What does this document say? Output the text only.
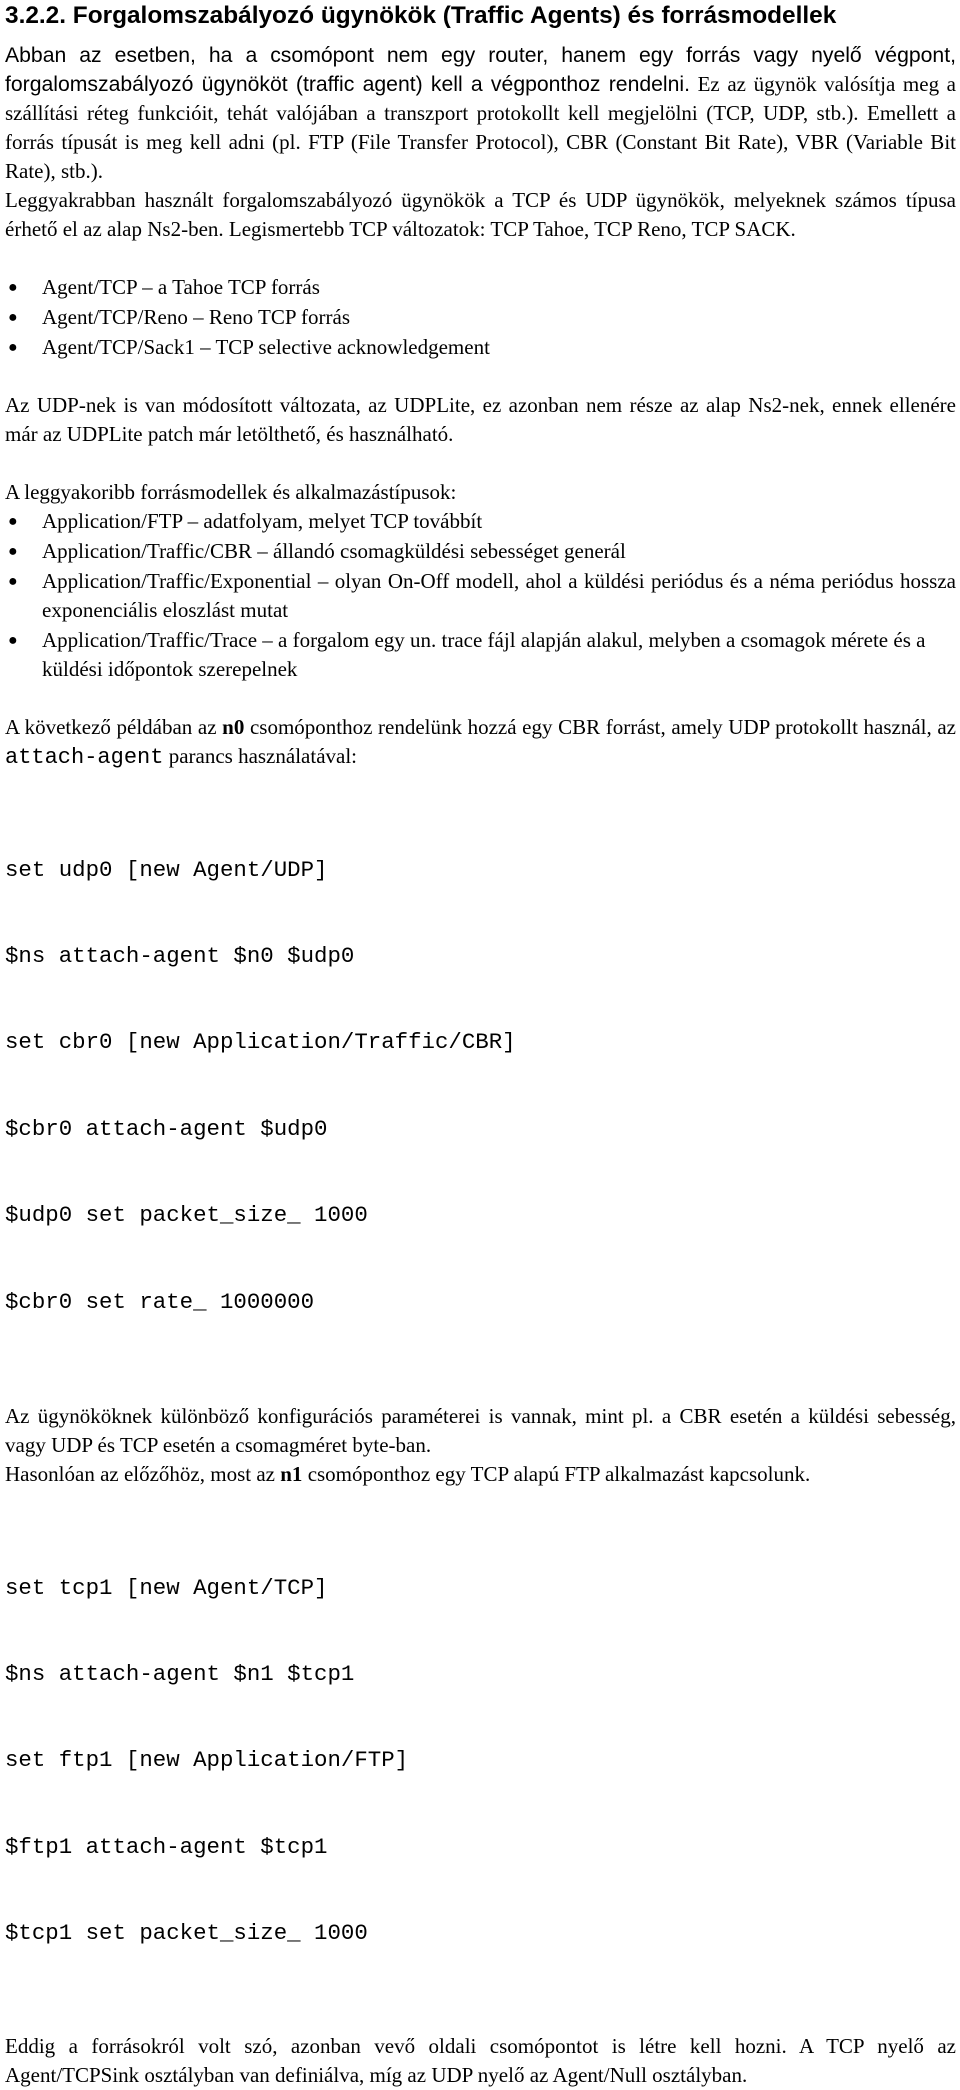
3.2.2. Forgalomszabályozó ügynökök (Traffic Agents) és forrásmodellek
Abban az esetben, ha a csomópont nem egy router, hanem egy forrás vagy nyelő végpont,
forgalomszabályozó ügynököt (traffic agent) kell a végponthoz rendelni. Ez az ügynök valósítja meg a szállítási réteg funkcióit, tehát valójában a transzport protokollt kell megjelölni (TCP, UDP, stb.). Emellett a forrás típusát is meg kell adni (pl. FTP (File Transfer Protocol), CBR (Constant Bit Rate), VBR (Variable Bit Rate), stb.).

Leggyakrabban használt forgalomszabályozó ügynökök a TCP és UDP ügynökök, melyeknek számos típusa érhető el az alap Ns2-ben. Legismertebb TCP változatok: TCP Tahoe, TCP Reno, TCP SACK.

● Agent/TCP – a Tahoe TCP forrás
● Agent/TCP/Reno – Reno TCP forrás
● Agent/TCP/Sack1 – TCP selective acknowledgement

Az UDP-nek is van módosított változata, az UDPLite, ez azonban nem része az alap Ns2-nek, ennek ellenére már az UDPLite patch már letölthető, és használható.

A leggyakoribb forrásmodellek és alkalmazástípusok:

● Application/FTP – adatfolyam, melyet TCP továbbít
● Application/Traffic/CBR – állandó csomagküldési sebességet generál
● Application/Traffic/Exponential – olyan On-Off modell, ahol a küldési periódus és a néma periódus hossza exponenciális eloszlást mutat
● Application/Traffic/Trace – a forgalom egy un. trace fájl alapján alakul, melyben a csomagok mérete és a küldési időpontok szerepelnek

A következő példában az n0 csomóponthoz rendelünk hozzá egy CBR forrást, amely UDP protokollt használ, az attach-agent parancs használatával:

set udp0 [new Agent/UDP]

$ns attach-agent $n0 $udp0

set cbr0 [new Application/Traffic/CBR]

$cbr0 attach-agent $udp0

$udp0 set packet_size_ 1000

$cbr0 set rate_ 1000000

Az ügynököknek különböző konfigurációs paraméterei is vannak, mint pl. a CBR esetén a küldési sebesség, vagy UDP és TCP esetén a csomagméret byte-ban.

Hasonlóan az előzőhöz, most az n1 csomóponthoz egy TCP alapú FTP alkalmazást kapcsolunk.

set tcp1 [new Agent/TCP]

$ns attach-agent $n1 $tcp1

set ftp1 [new Application/FTP]

$ftp1 attach-agent $tcp1

$tcp1 set packet_size_ 1000

Eddig a forrásokról volt szó, azonban vevő oldali csomópontot is létre kell hozni. A TCP nyelő az Agent/TCPSink osztályban van definiálva, míg az UDP nyelő az Agent/Null osztályban.
